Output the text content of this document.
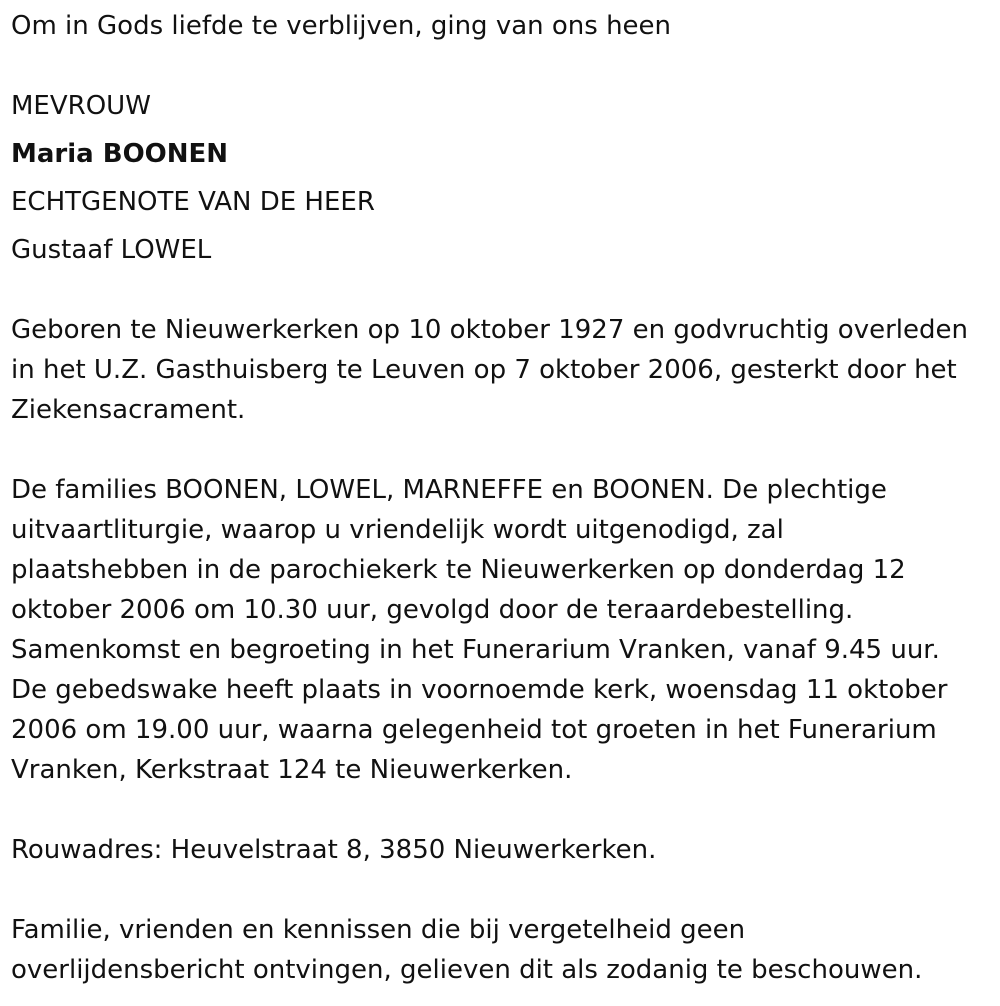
Om in Gods liefde te verblijven, ging van ons heen
MEVROUW
Maria BOONEN
ECHTGENOTE VAN DE HEER
Gustaaf LOWEL
Geboren te Nieuwerkerken op 10 oktober 1927 en godvruchtig overleden
in het U.Z. Gasthuisberg te Leuven op 7 oktober 2006, gesterkt door het
Ziekensacrament.
De families BOONEN, LOWEL, MARNEFFE en BOONEN. De plechtige
uitvaartliturgie, waarop u vriendelijk wordt uitgenodigd, zal
plaatshebben in de parochiekerk te Nieuwerkerken op donderdag 12
oktober 2006 om 10.30 uur, gevolgd door de teraardebestelling.
Samenkomst en begroeting in het Funerarium Vranken, vanaf 9.45 uur.
De gebedswake heeft plaats in voornoemde kerk, woensdag 11 oktober
2006 om 19.00 uur, waarna gelegenheid tot groeten in het Funerarium
Vranken, Kerkstraat 124 te Nieuwerkerken.
Rouwadres: Heuvelstraat 8, 3850 Nieuwerkerken.
Familie, vrienden en kennissen die bij vergetelheid geen
overlijdensbericht ontvingen, gelieven dit als zodanig te beschouwen.
